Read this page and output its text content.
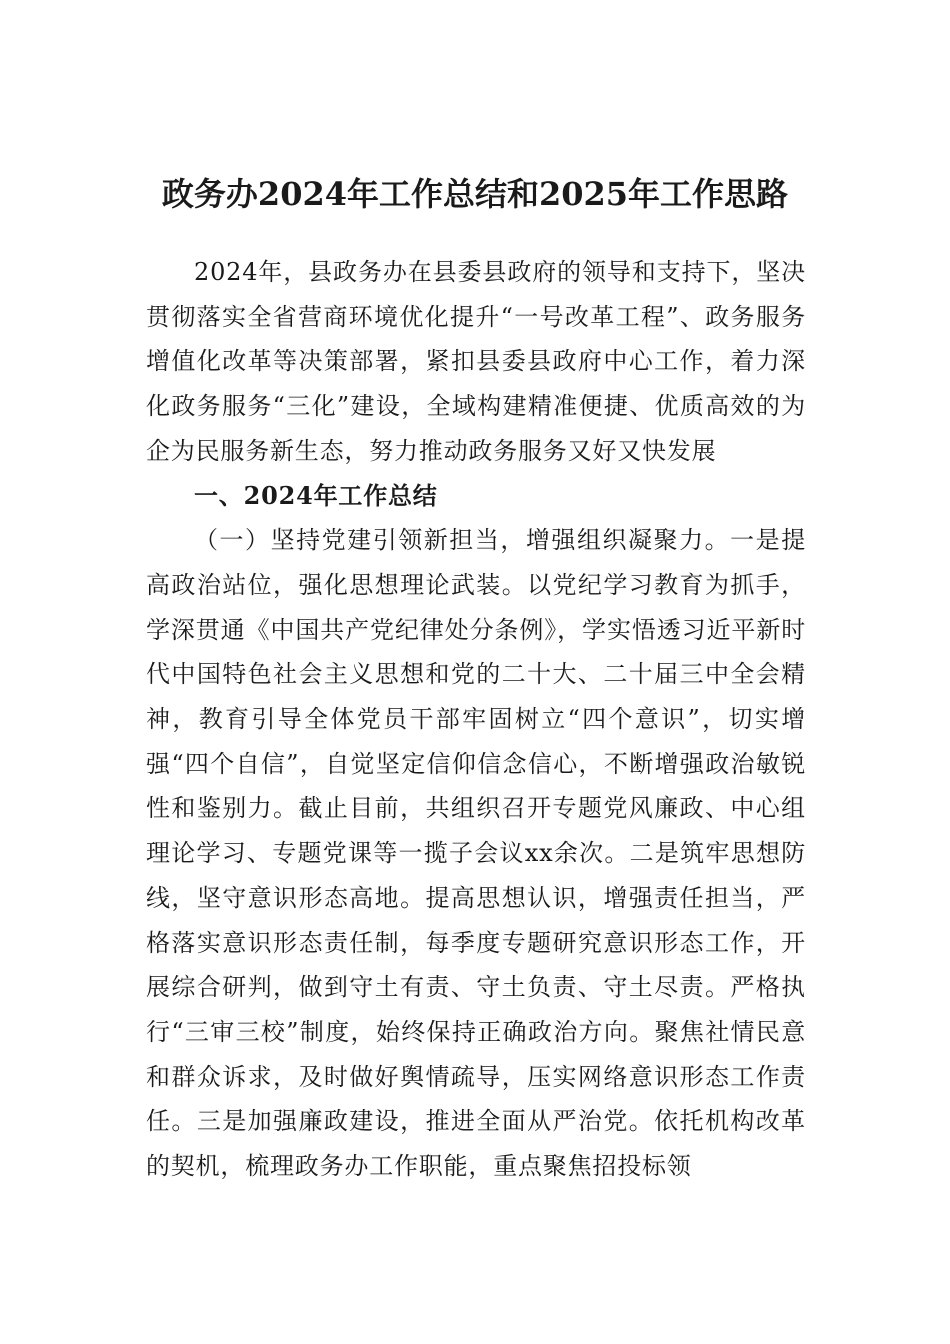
政务办2024年工作总结和2025年工作思路

2024年，县政务办在县委县政府的领导和支持下，坚决贯彻落实全省营商环境优化提升“一号改革工程”、政务服务增值化改革等决策部署，紧扣县委县政府中心工作，着力深化政务服务“三化”建设，全域构建精准便捷、优质高效的为企为民服务新生态，努力推动政务服务又好又快发展

一、2024年工作总结

（一）坚持党建引领新担当，增强组织凝聚力。一是提高政治站位，强化思想理论武装。以党纪学习教育为抓手，学深贯通《中国共产党纪律处分条例》，学实悟透习近平新时代中国特色社会主义思想和党的二十大、二十届三中全会精神，教育引导全体党员干部牢固树立“四个意识”，切实增强“四个自信”，自觉坚定信仰信念信心，不断增强政治敏锐性和鉴别力。截止目前，共组织召开专题党风廉政、中心组理论学习、专题党课等一揽子会议xx余次。二是筑牢思想防线，坚守意识形态高地。提高思想认识，增强责任担当，严格落实意识形态责任制，每季度专题研究意识形态工作，开展综合研判，做到守土有责、守土负责、守土尽责。严格执行“三审三校”制度，始终保持正确政治方向。聚焦社情民意和群众诉求，及时做好舆情疏导，压实网络意识形态工作责任。三是加强廉政建设，推进全面从严治党。依托机构改革的契机，梳理政务办工作职能，重点聚焦招投标领
